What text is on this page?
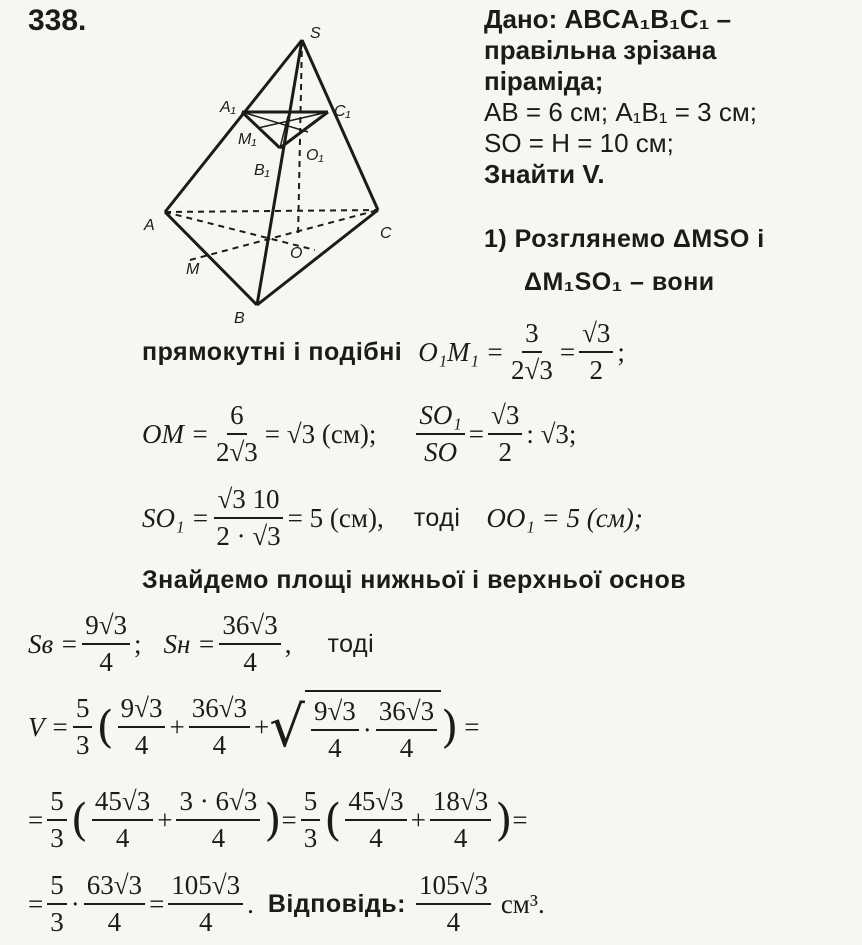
338.	S
A₁	C₁
M₁
O₁
B₁
A	C
O
M
B
Дано: ABCA₁B₁C₁ –
правільна зрізана
піраміда;
AB = 6 см; A₁B₁ = 3 см;
SO = H = 10 см;
Знайти V.
1) Розглянемо ΔMSO і
ΔM₁SO₁ – вони
прямокутні і подібні $O_1M_1 = \frac{3}{2√3} = \frac{√3}{2}$ ;
OM = $\frac{6}{2√3} = √3$ (см); $\frac{\text{SO₁}}{SO} = \frac{√3}{2}$ : √3;
$SO_1 = \frac{√3 10}{2 \cdot √3} = 5$ (см), тоді OO₁ = 5 (см);
Знайдемо площі нижньої і верхньої основ
Sв = $\frac{9√3}{4}$ ; Sн = $\frac{36√3}{4}$ , тоді
$V = \frac{5}{3}$ ( $\frac{9√3}{4} + \frac{36√3}{4}$ + √ $\frac{9√3}{4} \cdot \frac{36√3}{4}$ ) =
= $\frac{5}{3}$ ( $\frac{45√3}{4} + \frac{3 \cdot 6√3}{4}$ ) = $\frac{5}{3}$ ( $\frac{45√3}{4} + \frac{18√3}{4}$ ) =
= $\frac{5}{3} \cdot \frac{63√3}{4} = \frac{105√3}{4}$ . Відповідь: $\frac{105√3}{4} см^3$ .
